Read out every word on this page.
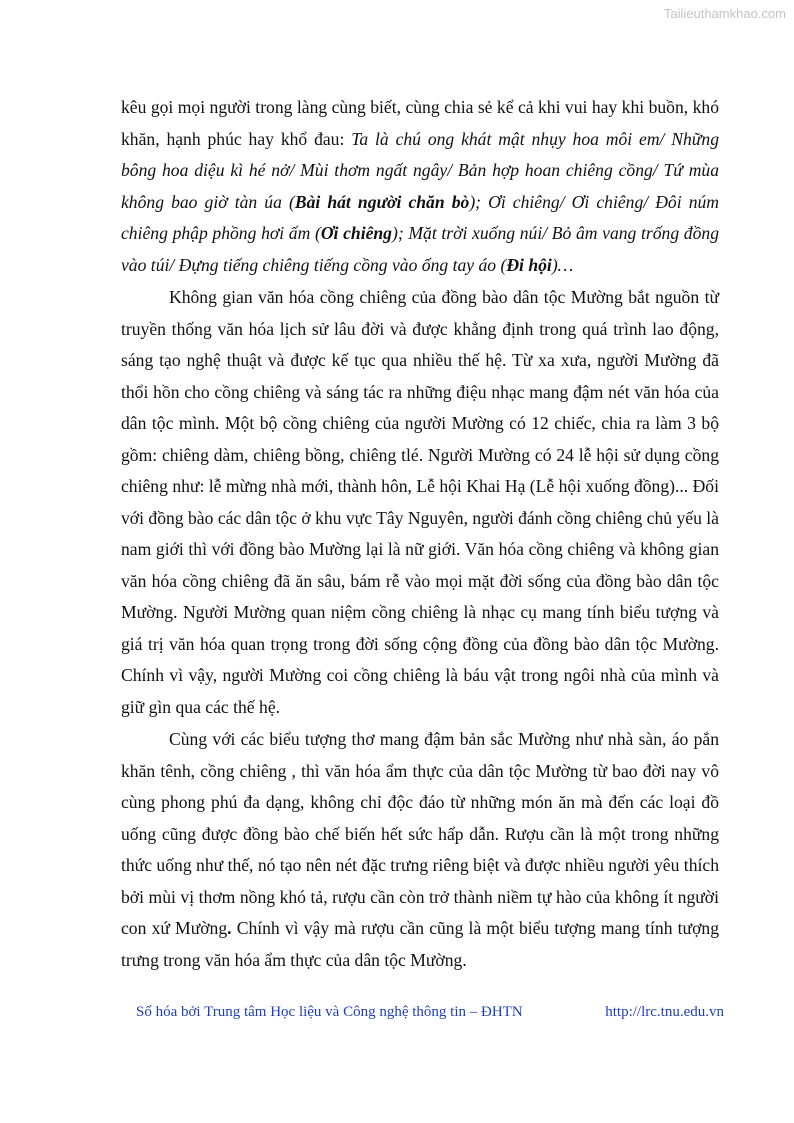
Tailieuthamkhao.com

kêu gọi mọi người trong làng cùng biết, cùng chia sẻ kể cả khi vui hay khi buồn, khó khăn, hạnh phúc hay khổ đau: Ta là chú ong khát mật nhụy hoa môi em/ Những bông hoa diệu kì hé nở/ Mùi thơm ngất ngây/ Bản hợp hoan chiêng cồng/ Tứ mùa không bao giờ tàn úa (Bài hát người chăn bò); Ơi chiêng/ Ơi chiêng/ Đôi núm chiêng phập phồng hơi ấm (Ơi chiêng); Mặt trời xuống núi/ Bỏ âm vang trống đồng vào túi/ Đựng tiếng chiêng tiếng cồng vào ống tay áo (Đi hội)…

Không gian văn hóa cồng chiêng của đồng bào dân tộc Mường bắt nguồn từ truyền thống văn hóa lịch sử lâu đời và được khẳng định trong quá trình lao động, sáng tạo nghệ thuật và được kế tục qua nhiều thế hệ. Từ xa xưa, người Mường đã thổi hồn cho cồng chiêng và sáng tác ra những điệu nhạc mang đậm nét văn hóa của dân tộc mình. Một bộ cồng chiêng của người Mường có 12 chiếc, chia ra làm 3 bộ gồm: chiêng dàm, chiêng bồng, chiêng tlé. Người Mường có 24 lễ hội sử dụng cồng chiêng như: lễ mừng nhà mới, thành hôn, Lễ hội Khai Hạ (Lễ hội xuống đồng)... Đối với đồng bào các dân tộc ở khu vực Tây Nguyên, người đánh cồng chiêng chủ yếu là nam giới thì với đồng bào Mường lại là nữ giới. Văn hóa cồng chiêng và không gian văn hóa cồng chiêng đã ăn sâu, bám rễ vào mọi mặt đời sống của đồng bào dân tộc Mường. Người Mường quan niệm cồng chiêng là nhạc cụ mang tính biểu tượng và giá trị văn hóa quan trọng trong đời sống cộng đồng của đồng bào dân tộc Mường. Chính vì vậy, người Mường coi cồng chiêng là báu vật trong ngôi nhà của mình và giữ gìn qua các thế hệ.

Cùng với các biểu tượng thơ mang đậm bản sắc Mường như nhà sàn, áo pắn khăn tênh, cồng chiêng , thì văn hóa ẩm thực của dân tộc Mường từ bao đời nay vô cùng phong phú đa dạng, không chỉ độc đáo từ những món ăn mà đến các loại đồ uống cũng được đồng bào chế biến hết sức hấp dẫn. Rượu cần là một trong những thức uống như thế, nó tạo nên nét đặc trưng riêng biệt và được nhiều người yêu thích bởi mùi vị thơm nồng khó tả, rượu cần còn trở thành niềm tự hào của không ít người con xứ Mường. Chính vì vậy mà rượu cần cũng là một biểu tượng mang tính tượng trưng trong văn hóa ẩm thực của dân tộc Mường.

Số hóa bởi Trung tâm Học liệu và Công nghệ thông tin – ĐHTN	http://lrc.tnu.edu.vn
